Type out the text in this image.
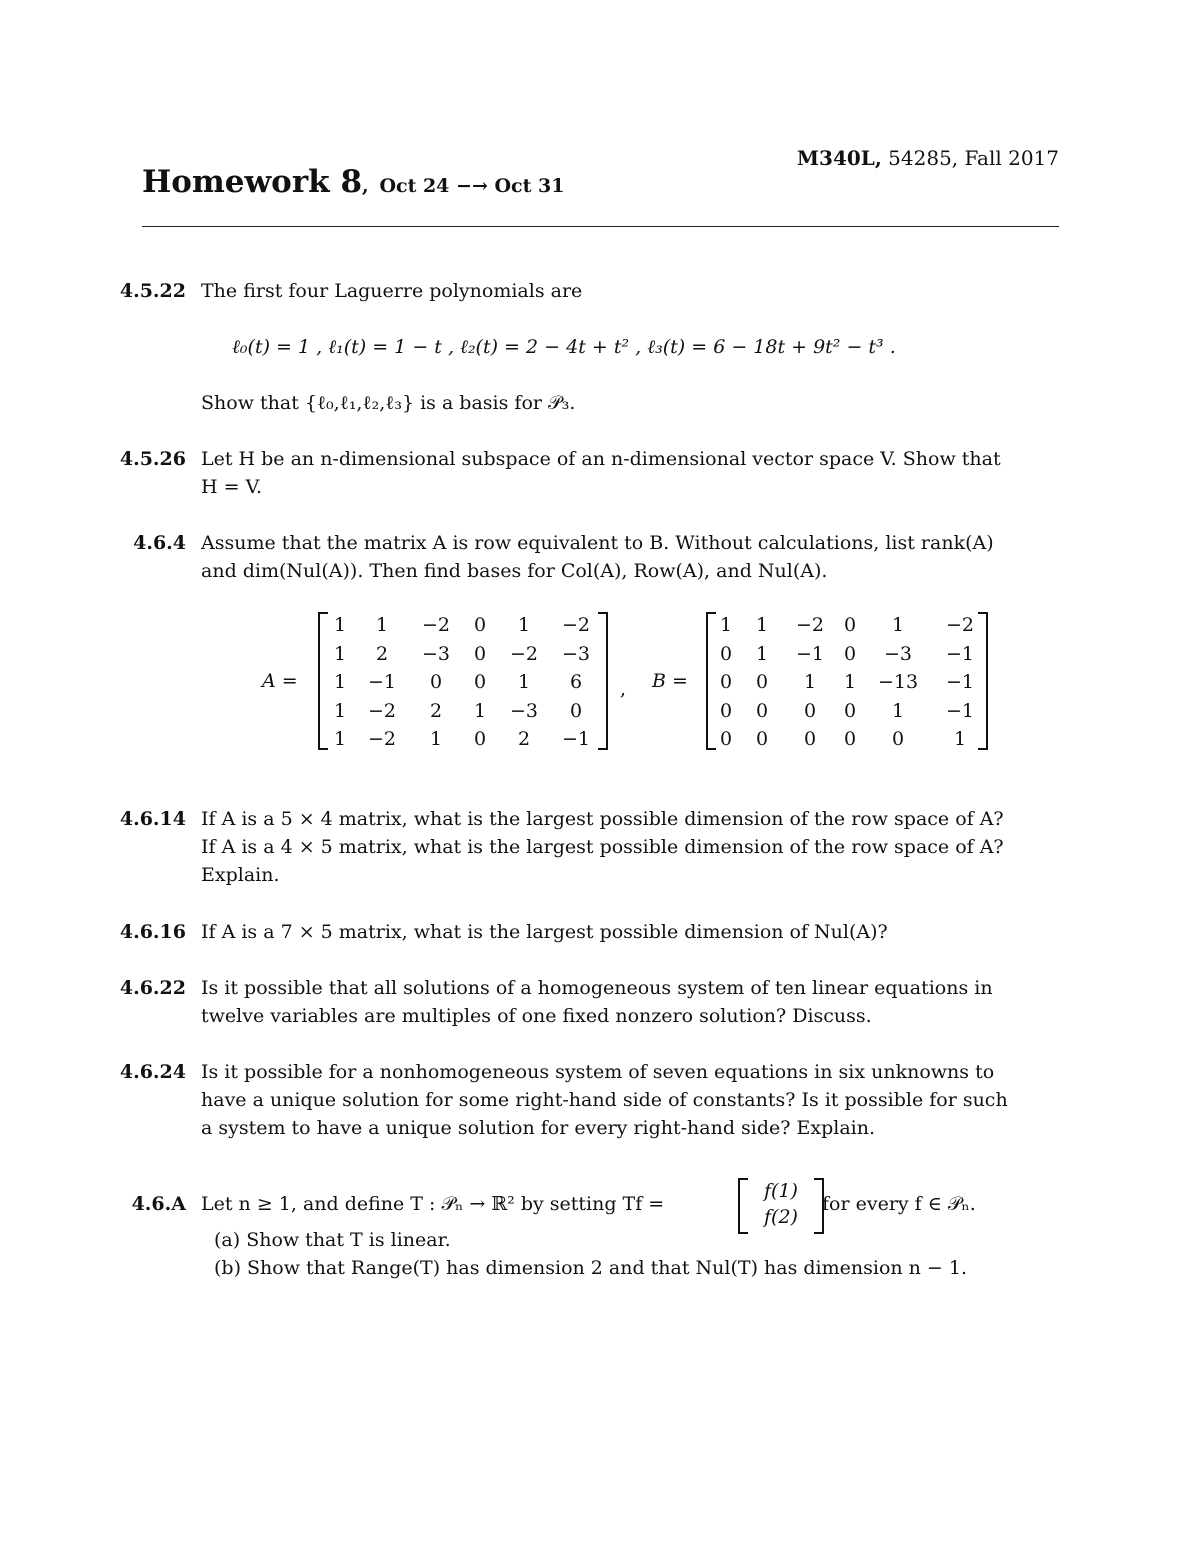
M340L, 54285, Fall 2017
Homework 8, Oct 24 −→ Oct 31
4.5.22 The first four Laguerre polynomials are
ℓ₀(t) = 1 , ℓ₁(t) = 1 − t , ℓ₂(t) = 2 − 4t + t² , ℓ₃(t) = 6 − 18t + 9t² − t³ .
Show that {ℓ₀,ℓ₁,ℓ₂,ℓ₃} is a basis for 𝒫₃.
4.5.26 Let H be an n-dimensional subspace of an n-dimensional vector space V. Show that
H = V.
4.6.4 Assume that the matrix A is row equivalent to B. Without calculations, list rank(A)
and dim(Nul(A)). Then find bases for Col(A), Row(A), and Nul(A).
A =
1	1	−2	0	1	−2
1	2	−3	0	−2	−3
1	−1	0	0	1	6
1	−2	2	1	−3	0
1	−2	1	0	2	−1
, B =
1	1	−2	0	1	−2
0	1	−1	0	−3	−1
0	0	1	1	−13	−1
0	0	0	0	1	−1
0	0	0	0	0	1
4.6.14 If A is a 5 × 4 matrix, what is the largest possible dimension of the row space of A?
If A is a 4 × 5 matrix, what is the largest possible dimension of the row space of A?
Explain.
4.6.16 If A is a 7 × 5 matrix, what is the largest possible dimension of Nul(A)?
4.6.22 Is it possible that all solutions of a homogeneous system of ten linear equations in
twelve variables are multiples of one fixed nonzero solution? Discuss.
4.6.24 Is it possible for a nonhomogeneous system of seven equations in six unknowns to
have a unique solution for some right-hand side of constants? Is it possible for such
a system to have a unique solution for every right-hand side? Explain.
4.6.A Let n ≥ 1, and define T : 𝒫ₙ → ℝ² by setting Tf =
f(1)
f(2)
for every f ∈ 𝒫ₙ.
(a) Show that T is linear.
(b) Show that Range(T) has dimension 2 and that Nul(T) has dimension n − 1.
